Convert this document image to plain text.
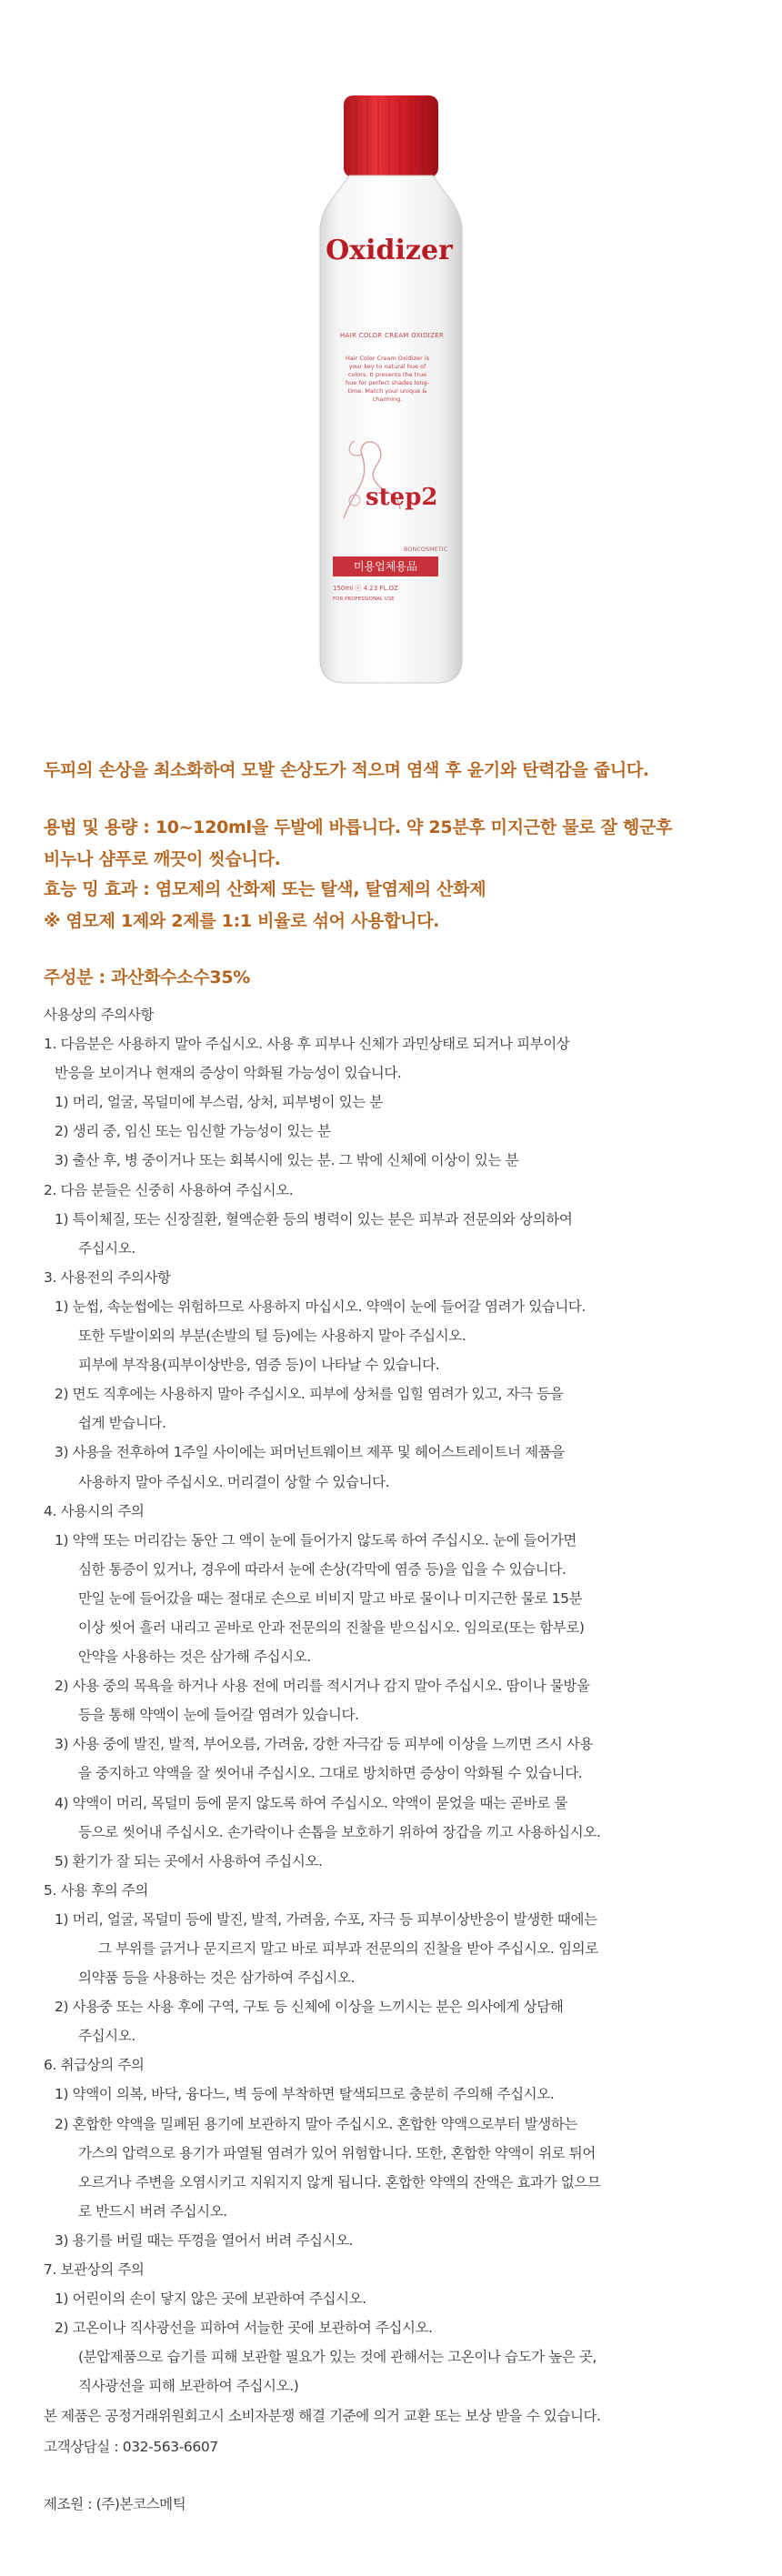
Oxidizer
HAIR COLOR CREAM OXIDIZER
Hair Color Cream Oxidizer is your key to natural hue of colors. It presents the true hue for perfect shades long-time. Match your unique & charming.
step2
BONCOSMETIC
미용업체용品
150ml ⓔ 4.23 FL.OZ
FOR PROFESSIONAL USE

두피의 손상을 최소화하여 모발 손상도가 적으며 염색 후 윤기와 탄력감을 줍니다.

용법 및 용량 : 10~120ml을 두발에 바릅니다. 약 25분후 미지근한 물로 잘 헹군후

비누나 샴푸로 깨끗이 씻습니다.

효능 밍 효과 : 염모제의 산화제 또는 탈색, 탈염제의 산화제

※ 염모제 1제와 2제를 1:1 비율로 섞어 사용합니다.

주성분 : 과산화수소수35%

사용상의 주의사항
1. 다음분은 사용하지 말아 주십시오. 사용 후 피부나 신체가 과민상태로 되거나 피부이상
반응을 보이거나 현재의 증상이 악화될 가능성이 있습니다.
1) 머리, 얼굴, 목덜미에 부스럼, 상처, 피부병이 있는 분
2) 생리 중, 임신 또는 임신할 가능성이 있는 분
3) 출산 후, 병 중이거나 또는 회복시에 있는 분. 그 밖에 신체에 이상이 있는 분
2. 다음 분들은 신중히 사용하여 주십시오.
1) 특이체질, 또는 신장질환, 혈액순환 등의 병력이 있는 분은 피부과 전문의와 상의하여
주십시오.
3. 사용전의 주의사항
1) 눈썹, 속눈썹에는 위험하므로 사용하지 마십시오. 약액이 눈에 들어갈 염려가 있습니다.
또한 두발이외의 부분(손발의 털 등)에는 사용하지 말아 주십시오.
피부에 부작용(피부이상반응, 염증 등)이 나타날 수 있습니다.
2) 면도 직후에는 사용하지 말아 주십시오. 피부에 상처를 입힐 염려가 있고, 자극 등을
쉽게 받습니다.
3) 사용을 전후하여 1주일 사이에는 퍼머넌트웨이브 제푸 및 헤어스트레이트너 제품을
사용하지 말아 주십시오. 머리결이 상할 수 있습니다.
4. 사용시의 주의
1) 약액 또는 머리감는 동안 그 액이 눈에 들어가지 않도록 하여 주십시오. 눈에 들어가면
심한 통증이 있거나, 경우에 따라서 눈에 손상(각막에 염증 등)을 입을 수 있습니다.
만일 눈에 들어갔을 때는 절대로 손으로 비비지 말고 바로 물이나 미지근한 물로 15분
이상 씻어 흘러 내리고 곧바로 안과 전문의의 진찰을 받으십시오. 임의로(또는 함부로)
안약을 사용하는 것은 삼가해 주십시오.
2) 사용 중의 목욕을 하거나 사용 전에 머리를 적시거나 감지 말아 주십시오. 땀이나 물방울
등을 통해 약액이 눈에 들어갈 염려가 있습니다.
3) 사용 중에 발진, 발적, 부어오름, 가려움, 강한 자극감 등 피부에 이상을 느끼면 즈시 사용
을 중지하고 약액을 잘 씻어내 주십시오. 그대로 방치하면 증상이 악화될 수 있습니다.
4) 약액이 머리, 목덜미 등에 묻지 않도록 하여 주십시오. 약액이 묻었을 때는 곧바로 물
등으로 씻어내 주십시오. 손가락이나 손톱을 보호하기 위하여 장갑을 끼고 사용하십시오.
5) 환기가 잘 되는 곳에서 사용하여 주십시오.
5. 사용 후의 주의
1) 머리, 얼굴, 목덜미 등에 발진, 발적, 가려움, 수포, 자극 등 피부이상반응이 발생한 때에는
그 부위를 긁거나 문지르지 말고 바로 피부과 전문의의 진찰을 받아 주십시오. 임의로
의약품 등을 사용하는 것은 삼가하여 주십시오.
2) 사용중 또는 사용 후에 구역, 구토 등 신체에 이상을 느끼시는 분은 의사에게 상담해
주십시오.
6. 취급상의 주의
1) 약액이 의복, 바닥, 융다느, 벽 등에 부착하면 탈색되므로 충분히 주의해 주십시오.
2) 혼합한 약액을 밀폐된 용기에 보관하지 말아 주십시오. 혼합한 약액으로부터 발생하는
가스의 압력으로 용기가 파열될 염려가 있어 위험합니다. 또한, 혼합한 약액이 위로 튀어
오르거나 주변을 오염시키고 지워지지 않게 됩니다. 혼합한 약액의 잔액은 효과가 없으므
로 반드시 버려 주십시오.
3) 용기를 버릴 때는 뚜껑을 열어서 버려 주십시오.
7. 보관상의 주의
1) 어린이의 손이 닿지 않은 곳에 보관하여 주십시오.
2) 고온이나 직사광선을 피하여 서늘한 곳에 보관하여 주십시오.
(분압제품으로 습기를 피해 보관할 필요가 있는 것에 관해서는 고온이나 습도가 높은 곳,
직사광선을 피해 보관하여 주십시오.)
본 제품은 공정거래위원회고시 소비자분쟁 해결 기준에 의거 교환 또는 보상 받을 수 있습니다.
고객상담실 : 032-563-6607
제조원 : (주)본코스메틱
